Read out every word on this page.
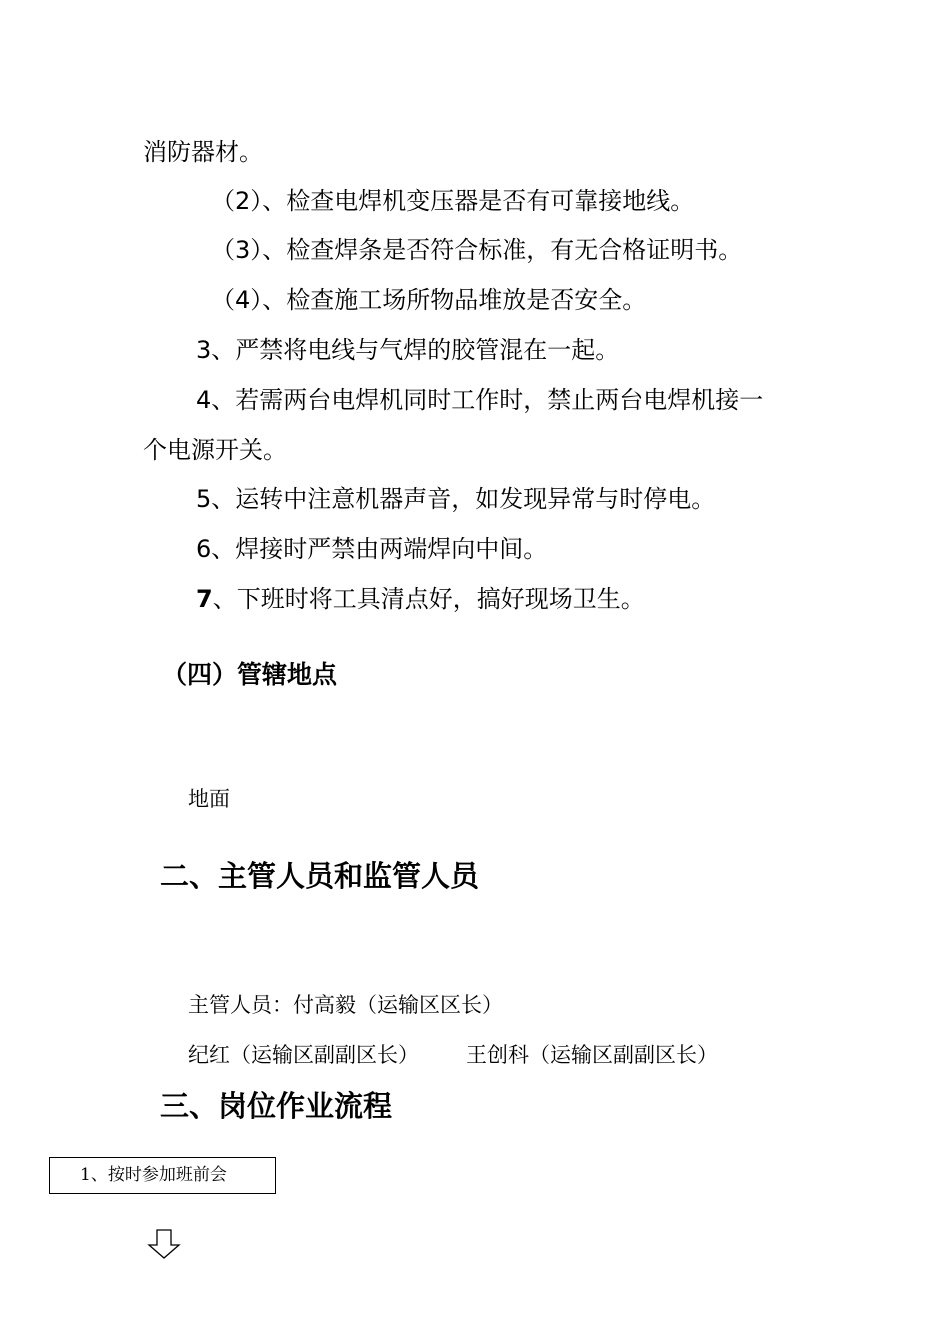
消防器材。
（2）、检查电焊机变压器是否有可靠接地线。
（3）、检查焊条是否符合标准，有无合格证明书。
（4）、检查施工场所物品堆放是否安全。
3、严禁将电线与气焊的胶管混在一起。
4、若需两台电焊机同时工作时，禁止两台电焊机接一
个电源开关。
5、运转中注意机器声音，如发现异常与时停电。
6、焊接时严禁由两端焊向中间。
7、下班时将工具清点好，搞好现场卫生。
（四）管辖地点
地面
二、主管人员和监管人员
主管人员：付高毅（运输区区长）
纪红（运输区副副区长） 王创科（运输区副副区长）
三、岗位作业流程
1、按时参加班前会
